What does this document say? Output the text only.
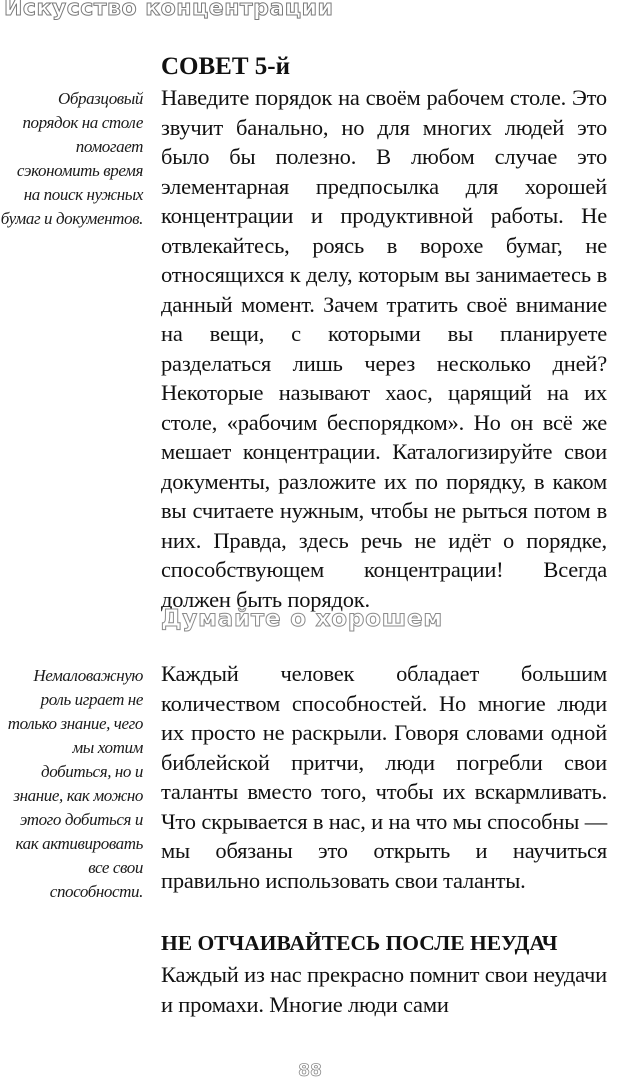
Искусство концентрации
СОВЕТ 5-й
Образцовый порядок на столе помогает сэкономить время на поиск нужных бумаг и документов.

Наведите порядок на своём рабочем столе. Это звучит банально, но для многих людей это было бы полезно. В любом случае это элементарная предпосылка для хорошей концентрации и продуктивной работы. Не отвлекайтесь, роясь в ворохе бумаг, не относящихся к делу, которым вы занимаетесь в данный момент. Зачем тратить своё внимание на вещи, с которыми вы планируете разделаться лишь через несколько дней? Некоторые называют хаос, царящий на их столе, «рабочим беспорядком». Но он всё же мешает концентрации. Каталогизируйте свои документы, разложите их по порядку, в каком вы считаете нужным, чтобы не рыться потом в них. Правда, здесь речь не идёт о порядке, способствующем концентрации! Всегда должен быть порядок.

Думайте о хорошем
Немаловажную роль играет не только знание, чего мы хотим добиться, но и знание, как можно этого добиться и как активировать все свои способности.

Каждый человек обладает большим количеством способностей. Но многие люди их просто не раскрыли. Говоря словами одной библейской притчи, люди погребли свои таланты вместо того, чтобы их вскармливать. Что скрывается в нас, и на что мы способны — мы обязаны это открыть и научиться правильно использовать свои таланты.

НЕ ОТЧАИВАЙТЕСЬ ПОСЛЕ НЕУДАЧ

Каждый из нас прекрасно помнит свои неудачи и промахи. Многие люди сами

88
